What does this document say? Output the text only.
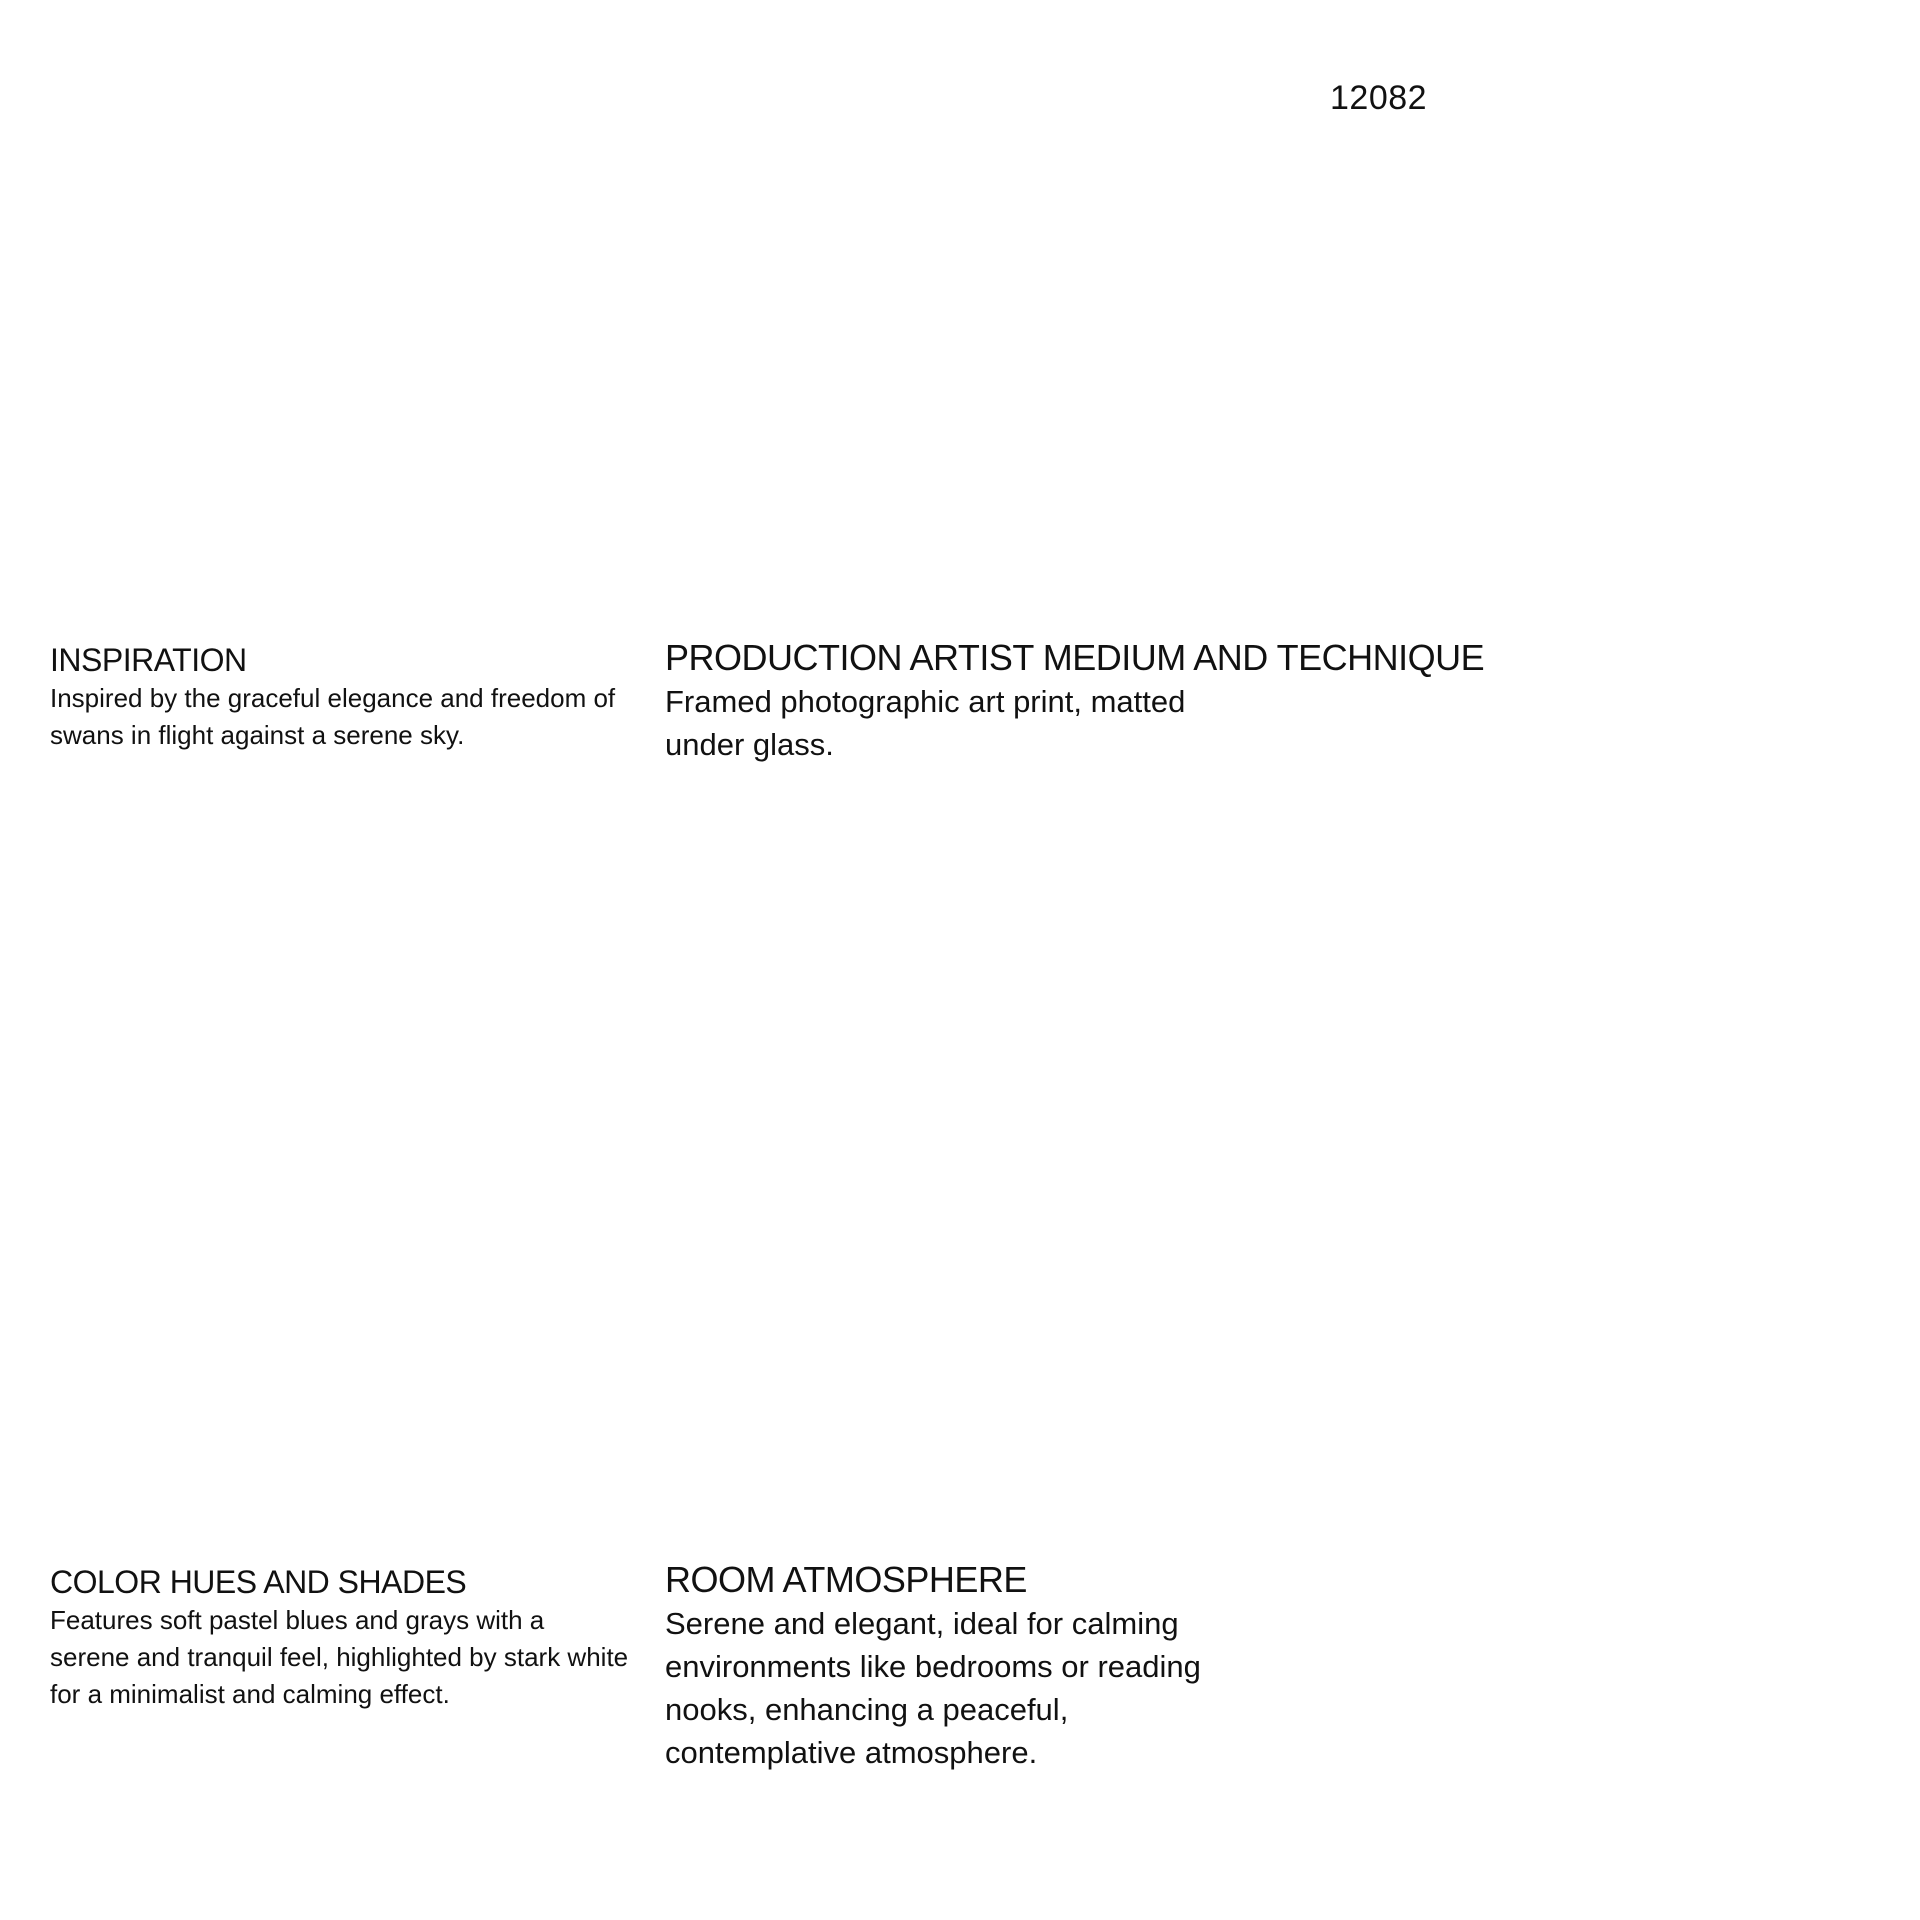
12082
INSPIRATION

Inspired by the graceful elegance and freedom of swans in flight against a serene sky.

PRODUCTION ARTIST MEDIUM AND TECHNIQUE

Framed photographic art print, matted under glass.

COLOR HUES AND SHADES

Features soft pastel blues and grays with a serene and tranquil feel, highlighted by stark white for a minimalist and calming effect.

ROOM ATMOSPHERE

Serene and elegant, ideal for calming environments like bedrooms or reading nooks, enhancing a peaceful, contemplative atmosphere.
